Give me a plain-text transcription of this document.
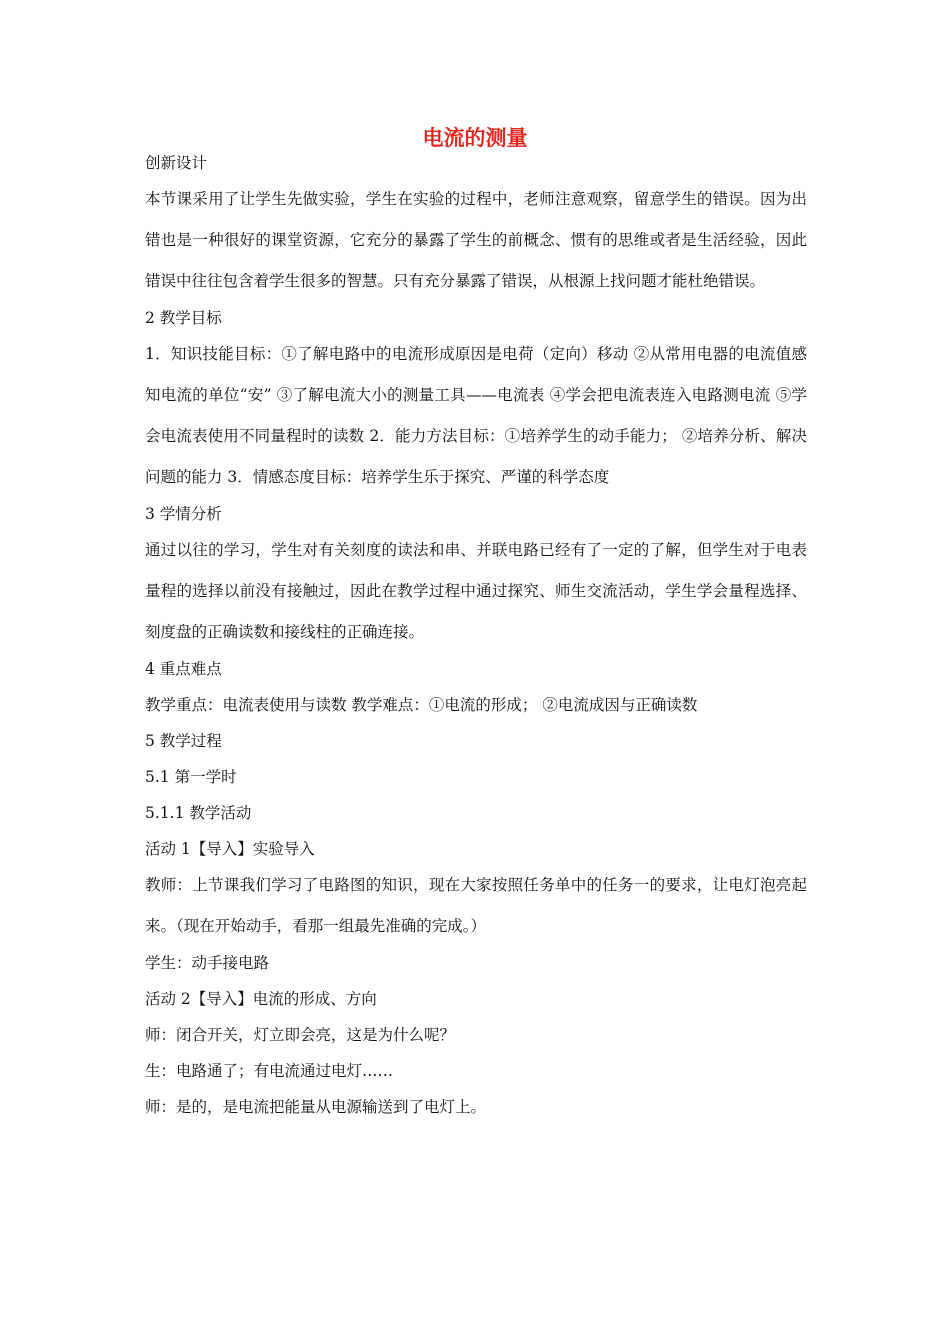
电流的测量
创新设计
本节课采用了让学生先做实验，学生在实验的过程中，老师注意观察，留意学生的错误。因为出错也是一种很好的课堂资源，它充分的暴露了学生的前概念、惯有的思维或者是生活经验，因此错误中往往包含着学生很多的智慧。只有充分暴露了错误，从根源上找问题才能杜绝错误。
2 教学目标
1．知识技能目标：①了解电路中的电流形成原因是电荷（定向）移动 ②从常用电器的电流值感知电流的单位“安” ③了解电流大小的测量工具——电流表 ④学会把电流表连入电路测电流 ⑤学会电流表使用不同量程时的读数 2．能力方法目标：①培养学生的动手能力； ②培养分析、解决问题的能力 3．情感态度目标：培养学生乐于探究、严谨的科学态度
3 学情分析
通过以往的学习，学生对有关刻度的读法和串、并联电路已经有了一定的了解，但学生对于电表量程的选择以前没有接触过，因此在教学过程中通过探究、师生交流活动，学生学会量程选择、刻度盘的正确读数和接线柱的正确连接。
4 重点难点
教学重点：电流表使用与读数 教学难点：①电流的形成； ②电流成因与正确读数
5 教学过程
5.1 第一学时
5.1.1 教学活动
活动 1【导入】实验导入
教师：上节课我们学习了电路图的知识，现在大家按照任务单中的任务一的要求，让电灯泡亮起来。（现在开始动手，看那一组最先准确的完成。）
学生：动手接电路
活动 2【导入】电流的形成、方向
师：闭合开关，灯立即会亮，这是为什么呢？
生：电路通了；有电流通过电灯……
师：是的，是电流把能量从电源输送到了电灯上。
